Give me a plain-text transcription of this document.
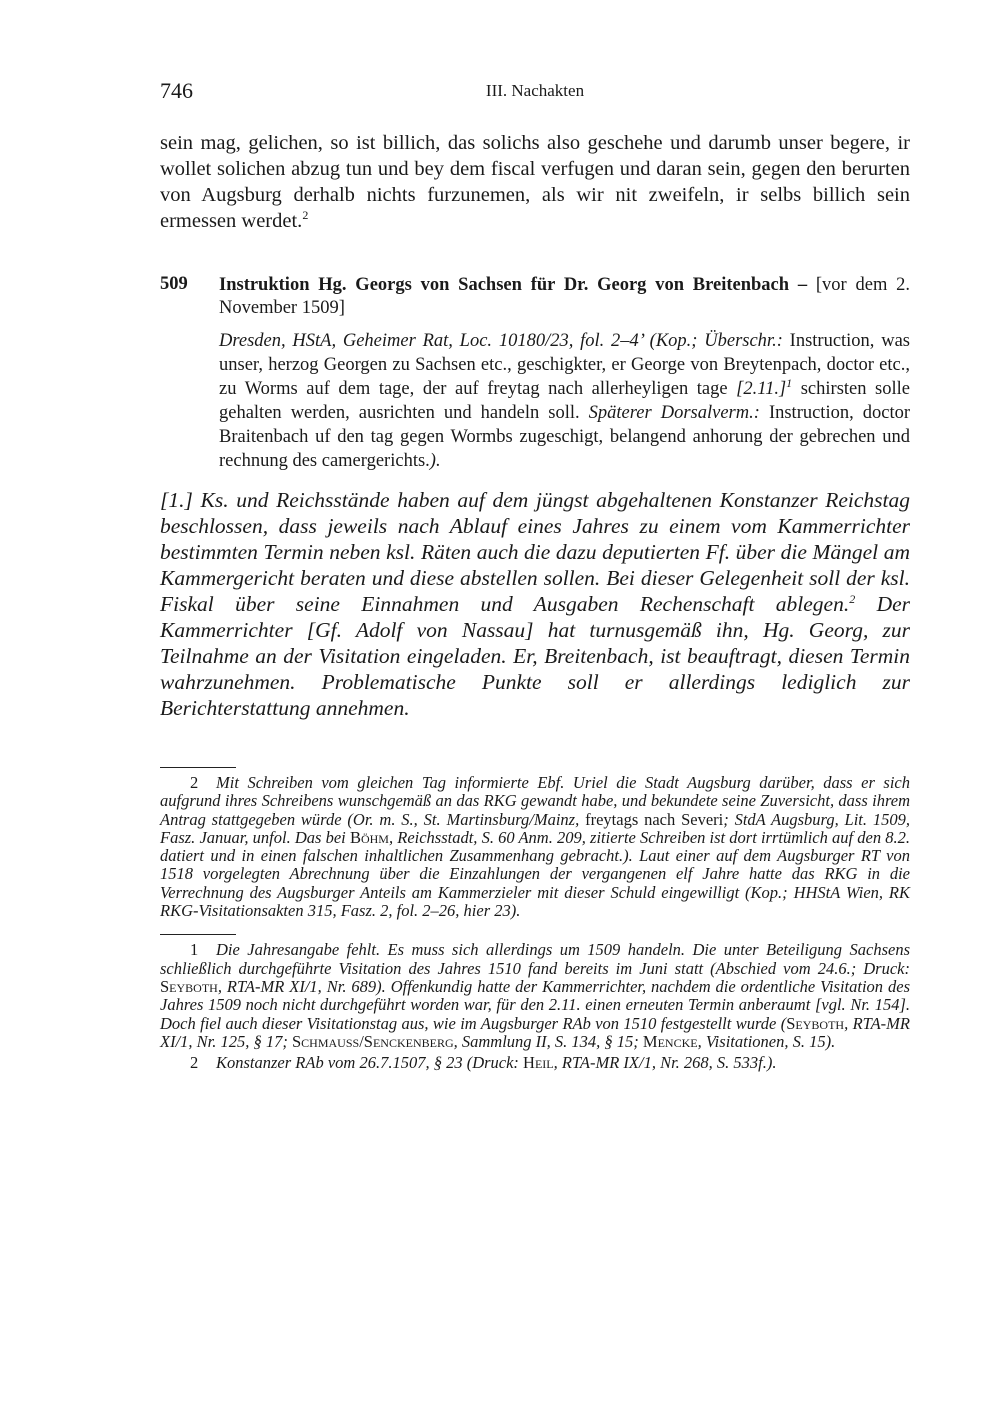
746	III. Nachakten

sein mag, gelichen, so ist billich, das solichs also geschehe und darumb unser begere, ir wollet solichen abzug tun und bey dem fiscal verfugen und daran sein, gegen den berurten von Augsburg derhalb nichts furzunemen, als wir nit zweifeln, ir selbs billich sein ermessen werdet.$^2$

509 Instruktion Hg. Georgs von Sachsen für Dr. Georg von Breitenbach – [vor dem 2. November 1509]
Dresden, HStA, Geheimer Rat, Loc. 10180/23, fol. 2–4’ (Kop.; Überschr.: Instruction, was unser, herzog Georgen zu Sachsen etc., geschigkter, er George von Breytenpach, doctor etc., zu Worms auf dem tage, der auf freytag nach allerheyligen tage $[2.11.]^1$ schirsten solle gehalten werden, ausrichten und handeln soll. Späterer Dorsalverm.: Instruction, doctor Braitenbach uf den tag gegen Wormbs zugeschigt, belangend anhorung der gebrechen und rechnung des camergerichts.).

[1.] Ks. und Reichsstände haben auf dem jüngst abgehaltenen Konstanzer Reichstag beschlossen, dass jeweils nach Ablauf eines Jahres zu einem vom Kammerrichter bestimmten Termin neben ksl. Räten auch die dazu deputierten Ff. über die Mängel am Kammergericht beraten und diese abstellen sollen. Bei dieser Gelegenheit soll der ksl. Fiskal über seine Einnahmen und Ausgaben Rechenschaft ablegen.$^2$ Der Kammerrichter [Gf. Adolf von Nassau] hat turnusgemäß ihn, Hg. Georg, zur Teilnahme an der Visitation eingeladen. Er, Breitenbach, ist beauftragt, diesen Termin wahrzunehmen. Problematische Punkte soll er allerdings lediglich zur Berichterstattung annehmen.

2 Mit Schreiben vom gleichen Tag informierte Ebf. Uriel die Stadt Augsburg darüber, dass er sich aufgrund ihres Schreibens wunschgemäß an das RKG gewandt habe, und bekundete seine Zuversicht, dass ihrem Antrag stattgegeben würde (Or. m. S., St. Martinsburg/Mainz, freytags nach Severi; StdA Augsburg, Lit. 1509, Fasz. Januar, unfol. Das bei Böhm, Reichsstadt, S. 60 Anm. 209, zitierte Schreiben ist dort irrtümlich auf den 8.2. datiert und in einen falschen inhaltlichen Zusammenhang gebracht.). Laut einer auf dem Augsburger RT von 1518 vorgelegten Abrechnung über die Einzahlungen der vergangenen elf Jahre hatte das RKG in die Verrechnung des Augsburger Anteils am Kammerzieler mit dieser Schuld eingewilligt (Kop.; HHStA Wien, RK RKG-Visitationsakten 315, Fasz. 2, fol. 2–26, hier 23).

1 Die Jahresangabe fehlt. Es muss sich allerdings um 1509 handeln. Die unter Beteiligung Sachsens schließlich durchgeführte Visitation des Jahres 1510 fand bereits im Juni statt (Abschied vom 24.6.; Druck: Seyboth, RTA-MR XI/1, Nr. 689). Offenkundig hatte der Kammerrichter, nachdem die ordentliche Visitation des Jahres 1509 noch nicht durchgeführt worden war, für den 2.11. einen erneuten Termin anberaumt [vgl. Nr. 154]. Doch fiel auch dieser Visitationstag aus, wie im Augsburger RAb von 1510 festgestellt wurde (Seyboth, RTA-MR XI/1, Nr. 125, § 17; Schmauss/Senckenberg, Sammlung II, S. 134, § 15; Mencke, Visitationen, S. 15).

2 Konstanzer RAb vom 26.7.1507, § 23 (Druck: Heil, RTA-MR IX/1, Nr. 268, S. 533f.).
